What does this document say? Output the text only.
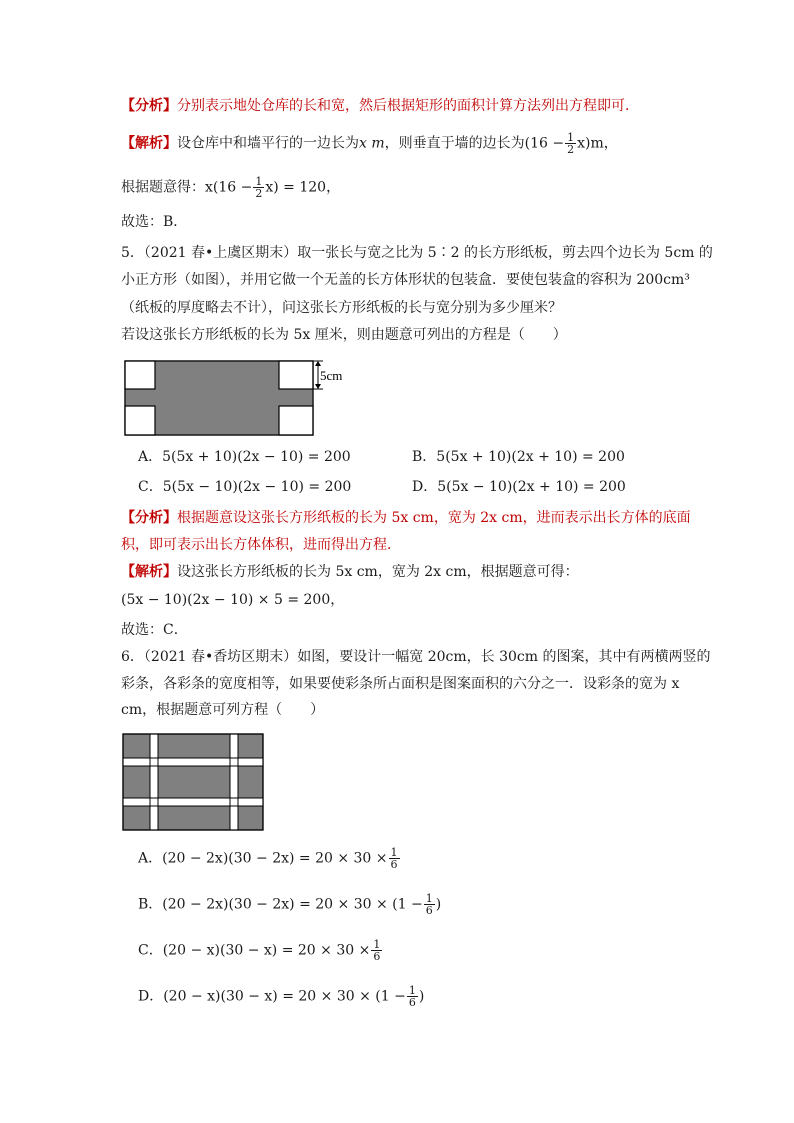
【分析】分别表示地处仓库的长和宽，然后根据矩形的面积计算方法列出方程即可．
【解析】设仓库中和墙平行的一边长为x m，则垂直于墙的边长为$(16 - \frac{1}{2} x)m$，
根据题意得：$x(16 - \frac{1}{2} x) = 120$，
故选：B．
5．（2021 春•上虞区期末）取一张长与宽之比为 5∶2 的长方形纸板，剪去四个边长为 5cm 的
小正方形（如图），并用它做一个无盖的长方体形状的包装盒．要使包装盒的容积为 200cm³
（纸板的厚度略去不计），问这张长方形纸板的长与宽分别为多少厘米？
若设这张长方形纸板的长为 5x 厘米，则由题意可列出的方程是（　　）
5cm
A．5(5x + 10)(2x − 10) = 200	B．5(5x + 10)(2x + 10) = 200
C．5(5x − 10)(2x − 10) = 200	D．5(5x − 10)(2x + 10) = 200
【分析】根据题意设这张长方形纸板的长为 5x cm，宽为 2x cm，进而表示出长方体的底面
积，即可表示出长方体体积，进而得出方程．
【解析】设这张长方形纸板的长为 5x cm，宽为 2x cm，根据题意可得：
(5x − 10)(2x − 10) × 5 = 200，
故选：C．
6．（2021 春•香坊区期末）如图，要设计一幅宽 20cm，长 30cm 的图案，其中有两横两竖的
彩条，各彩条的宽度相等，如果要使彩条所占面积是图案面积的六分之一．设彩条的宽为 x
cm，根据题意可列方程（　　）
A．$(20 - 2x)(30 - 2x) = 20 \times 30 \times \frac{1}{6}$
B．$(20 - 2x)(30 - 2x) = 20 \times 30 \times (1 - \frac{1}{6}$ )
C．$(20 - x)(30 - x) = 20 \times 30 \times \frac{1}{6}$
D．$(20 - x)(30 - x) = 20 \times 30 \times (1 - \frac{1}{6}$ )
